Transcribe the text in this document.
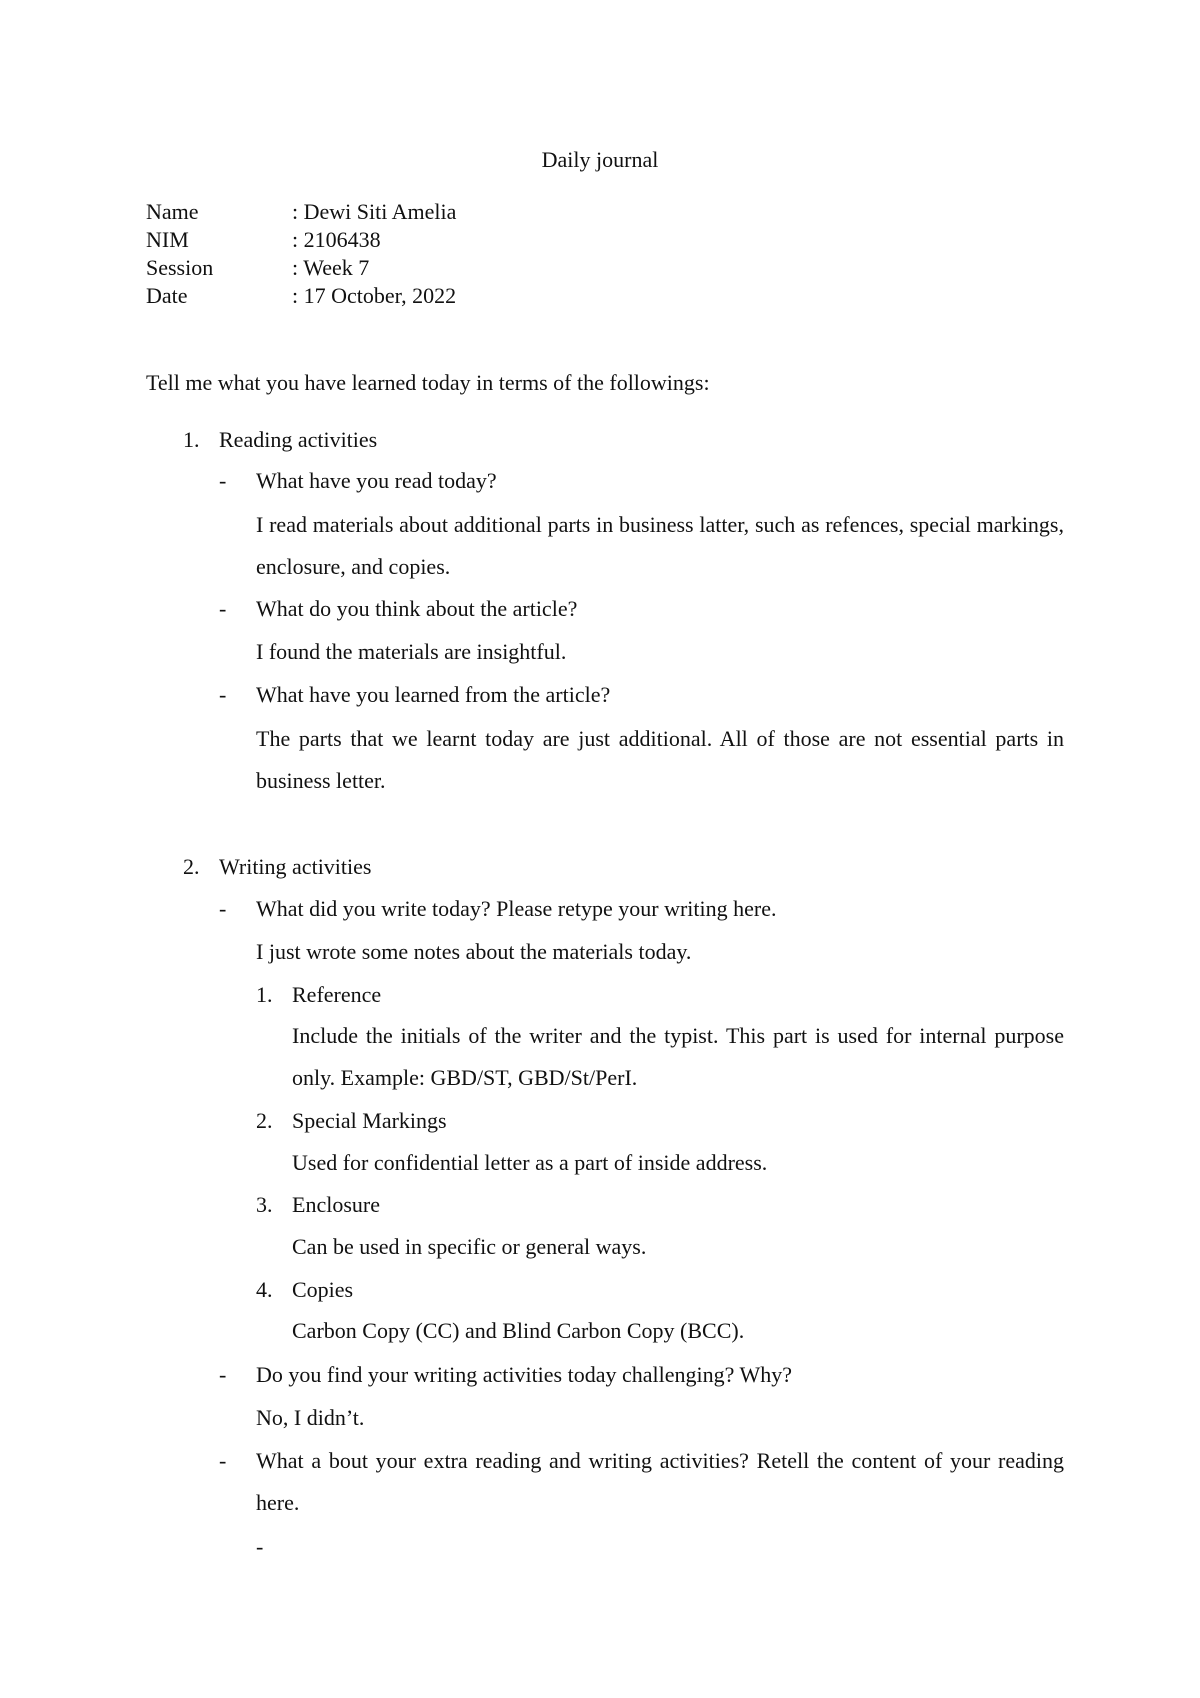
Daily journal
Name	: Dewi Siti Amelia
NIM	: 2106438
Session	: Week 7
Date	: 17 October, 2022
Tell me what you have learned today in terms of the followings:
1. Reading activities
- What have you read today?
I read materials about additional parts in business latter, such as refences, special markings, enclosure, and copies.
- What do you think about the article?
I found the materials are insightful.
- What have you learned from the article?
The parts that we learnt today are just additional. All of those are not essential parts in business letter.
2. Writing activities
- What did you write today? Please retype your writing here.
I just wrote some notes about the materials today.
1. Reference
Include the initials of the writer and the typist. This part is used for internal purpose only. Example: GBD/ST, GBD/St/PerI.
2. Special Markings
Used for confidential letter as a part of inside address.
3. Enclosure
Can be used in specific or general ways.
4. Copies
Carbon Copy (CC) and Blind Carbon Copy (BCC).
- Do you find your writing activities today challenging? Why?
No, I didn’t.
- What a bout your extra reading and writing activities? Retell the content of your reading here.
-
